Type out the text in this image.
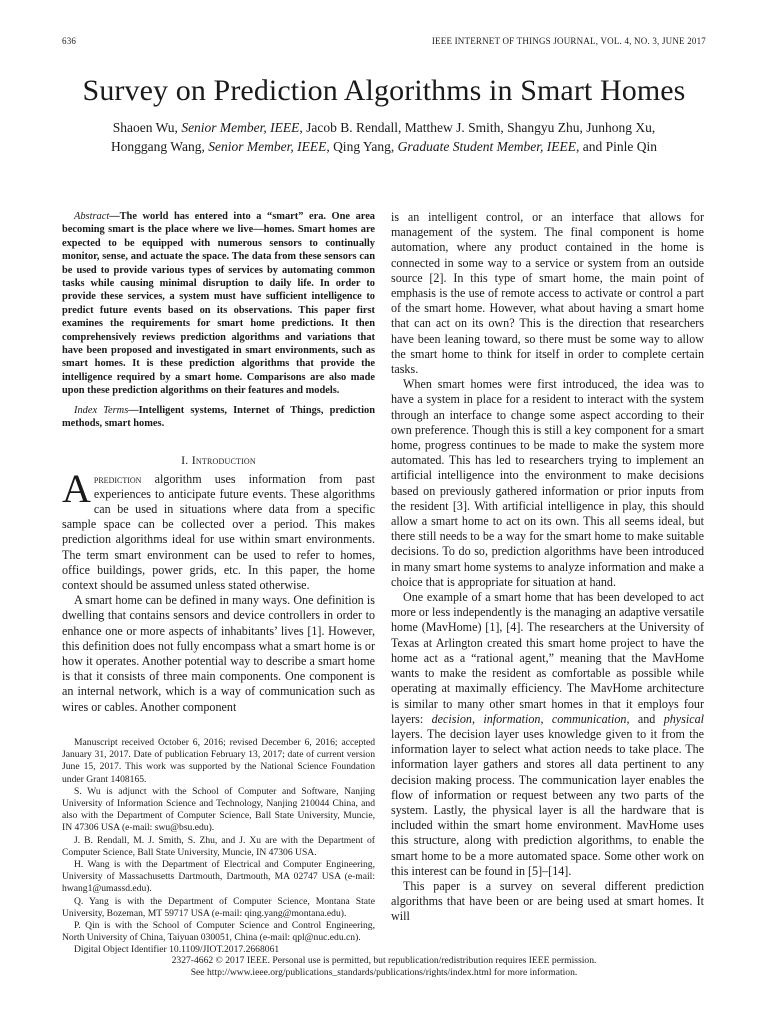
636	IEEE INTERNET OF THINGS JOURNAL, VOL. 4, NO. 3, JUNE 2017
Survey on Prediction Algorithms in Smart Homes
Shaoen Wu, Senior Member, IEEE, Jacob B. Rendall, Matthew J. Smith, Shangyu Zhu, Junhong Xu,
Honggang Wang, Senior Member, IEEE, Qing Yang, Graduate Student Member, IEEE, and Pinle Qin

Abstract—The world has entered into a “smart” era. One area becoming smart is the place where we live—homes. Smart homes are expected to be equipped with numerous sensors to continually monitor, sense, and actuate the space. The data from these sensors can be used to provide various types of services by automating common tasks while causing minimal disruption to daily life. In order to provide these services, a system must have sufficient intelligence to predict future events based on its observations. This paper first examines the requirements for smart home predictions. It then comprehensively reviews prediction algorithms and variations that have been proposed and investigated in smart environments, such as smart homes. It is these prediction algorithms that provide the intelligence required by a smart home. Comparisons are also made upon these prediction algorithms on their features and models.

Index Terms—Intelligent systems, Internet of Things, prediction methods, smart homes.

I. Introduction

Aprediction algorithm uses information from past experiences to anticipate future events. These algorithms can be used in situations where data from a specific sample space can be collected over a period. This makes prediction algorithms ideal for use within smart environments. The term smart environment can be used to refer to homes, office buildings, power grids, etc. In this paper, the home context should be assumed unless stated otherwise.

A smart home can be defined in many ways. One definition is dwelling that contains sensors and device controllers in order to enhance one or more aspects of inhabitants’ lives [1]. However, this definition does not fully encompass what a smart home is or how it operates. Another potential way to describe a smart home is that it consists of three main components. One component is an internal network, which is a way of communication such as wires or cables. Another component

Manuscript received October 6, 2016; revised December 6, 2016; accepted January 31, 2017. Date of publication February 13, 2017; date of current version June 15, 2017. This work was supported by the National Science Foundation under Grant 1408165.

S. Wu is adjunct with the School of Computer and Software, Nanjing University of Information Science and Technology, Nanjing 210044 China, and also with the Department of Computer Science, Ball State University, Muncie, IN 47306 USA (e-mail: swu@bsu.edu).

J. B. Rendall, M. J. Smith, S. Zhu, and J. Xu are with the Department of Computer Science, Ball State University, Muncie, IN 47306 USA.

H. Wang is with the Department of Electrical and Computer Engineering, University of Massachusetts Dartmouth, Dartmouth, MA 02747 USA (e-mail: hwang1@umassd.edu).

Q. Yang is with the Department of Computer Science, Montana State University, Bozeman, MT 59717 USA (e-mail: qing.yang@montana.edu).

P. Qin is with the School of Computer Science and Control Engineering, North University of China, Taiyuan 030051, China (e-mail: qpl@nuc.edu.cn).

Digital Object Identifier 10.1109/JIOT.2017.2668061

is an intelligent control, or an interface that allows for management of the system. The final component is home automation, where any product contained in the home is connected in some way to a service or system from an outside source [2]. In this type of smart home, the main point of emphasis is the use of remote access to activate or control a part of the smart home. However, what about having a smart home that can act on its own? This is the direction that researchers have been leaning toward, so there must be some way to allow the smart home to think for itself in order to complete certain tasks.

When smart homes were first introduced, the idea was to have a system in place for a resident to interact with the system through an interface to change some aspect according to their own preference. Though this is still a key component for a smart home, progress continues to be made to make the system more automated. This has led to researchers trying to implement an artificial intelligence into the environment to make decisions based on previously gathered information or prior inputs from the resident [3]. With artificial intelligence in play, this should allow a smart home to act on its own. This all seems ideal, but there still needs to be a way for the smart home to make suitable decisions. To do so, prediction algorithms have been introduced in many smart home systems to analyze information and make a choice that is appropriate for situation at hand.

One example of a smart home that has been developed to act more or less independently is the managing an adaptive versatile home (MavHome) [1], [4]. The researchers at the University of Texas at Arlington created this smart home project to have the home act as a “rational agent,” meaning that the MavHome wants to make the resident as comfortable as possible while operating at maximally efficiency. The MavHome architecture is similar to many other smart homes in that it employs four layers: decision, information, communication, and physical layers. The decision layer uses knowledge given to it from the information layer to select what action needs to take place. The information layer gathers and stores all data pertinent to any decision making process. The communication layer enables the flow of information or request between any two parts of the system. Lastly, the physical layer is all the hardware that is included within the smart home environment. MavHome uses this structure, along with prediction algorithms, to enable the smart home to be a more automated space. Some other work on this interest can be found in [5]–[14].

This paper is a survey on several different prediction algorithms that have been or are being used at smart homes. It will

2327-4662 © 2017 IEEE. Personal use is permitted, but republication/redistribution requires IEEE permission.

See http://www.ieee.org/publications_standards/publications/rights/index.html for more information.
